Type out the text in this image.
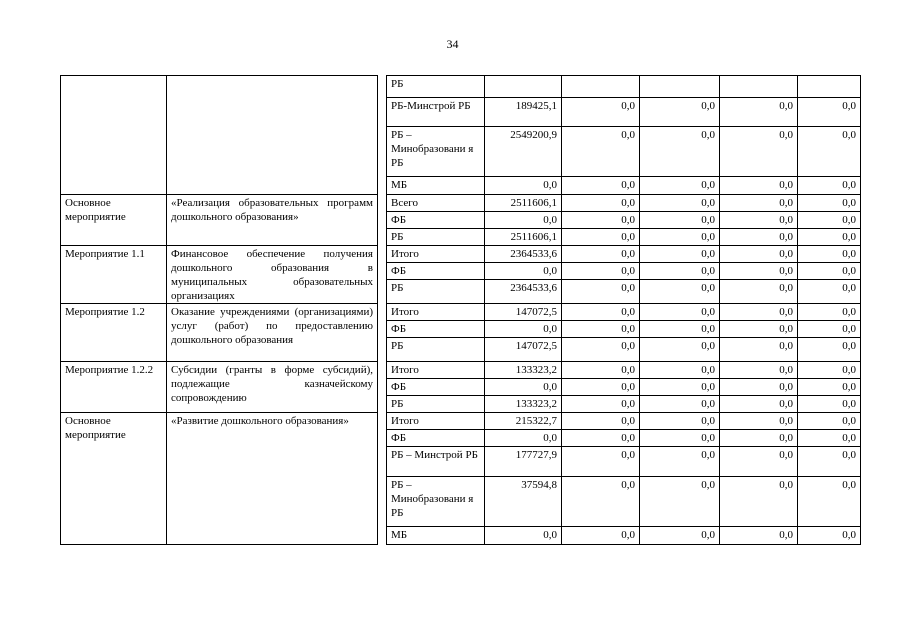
34
			РБ					
			РБ-Минстрой РБ	189425,1	0,0	0,0	0,0	0,0
			РБ – Минобразовани я РБ	2549200,9	0,0	0,0	0,0	0,0
			МБ	0,0	0,0	0,0	0,0	0,0
Основное мероприятие	«Реализация образовательных программ дошкольного образования»		Всего	2511606,1	0,0	0,0	0,0	0,0
			ФБ	0,0	0,0	0,0	0,0	0,0
			РБ	2511606,1	0,0	0,0	0,0	0,0
Мероприятие 1.1	Финансовое обеспечение получения дошкольного образования в муниципальных образовательных организациях		Итого	2364533,6	0,0	0,0	0,0	0,0
			ФБ	0,0	0,0	0,0	0,0	0,0
			РБ	2364533,6	0,0	0,0	0,0	0,0
Мероприятие 1.2	Оказание учреждениями (организациями) услуг (работ) по предоставлению дошкольного образования		Итого	147072,5	0,0	0,0	0,0	0,0
			ФБ	0,0	0,0	0,0	0,0	0,0
			РБ	147072,5	0,0	0,0	0,0	0,0
Мероприятие 1.2.2	Субсидии (гранты в форме субсидий), подлежащие казначейскому сопровождению		Итого	133323,2	0,0	0,0	0,0	0,0
			ФБ	0,0	0,0	0,0	0,0	0,0
			РБ	133323,2	0,0	0,0	0,0	0,0
Основное мероприятие	«Развитие дошкольного образования»		Итого	215322,7	0,0	0,0	0,0	0,0
			ФБ	0,0	0,0	0,0	0,0	0,0
			РБ – Минстрой РБ	177727,9	0,0	0,0	0,0	0,0
			РБ – Минобразовани я РБ	37594,8	0,0	0,0	0,0	0,0
			МБ	0,0	0,0	0,0	0,0	0,0
